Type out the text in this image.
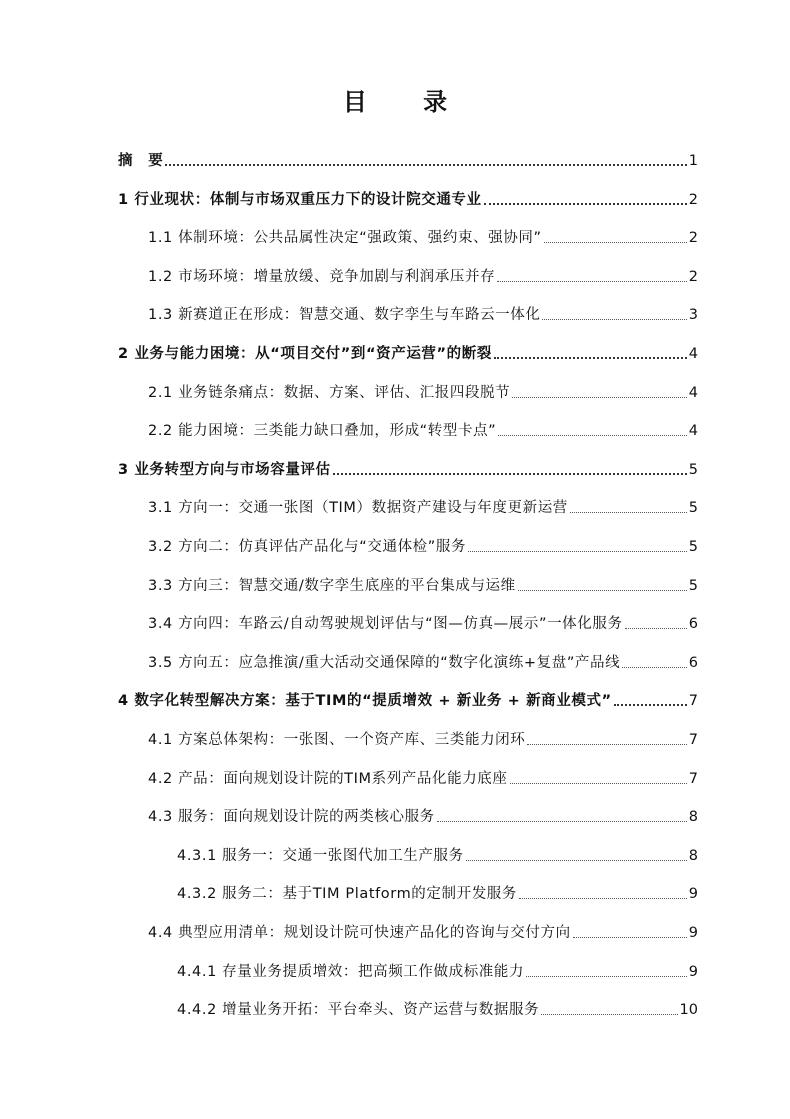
目 录
摘　要	1
1 行业现状：体制与市场双重压力下的设计院交通专业	2
1.1 体制环境：公共品属性决定“强政策、强约束、强协同”	2
1.2 市场环境：增量放缓、竞争加剧与利润承压并存	2
1.3 新赛道正在形成：智慧交通、数字孪生与车路云一体化	3
2 业务与能力困境：从“项目交付”到“资产运营”的断裂	4
2.1 业务链条痛点：数据、方案、评估、汇报四段脱节	4
2.2 能力困境：三类能力缺口叠加，形成“转型卡点”	4
3 业务转型方向与市场容量评估	5
3.1 方向一：交通一张图（TIM）数据资产建设与年度更新运营	5
3.2 方向二：仿真评估产品化与“交通体检”服务	5
3.3 方向三：智慧交通/数字孪生底座的平台集成与运维	5
3.4 方向四：车路云/自动驾驶规划评估与“图—仿真—展示”一体化服务	6
3.5 方向五：应急推演/重大活动交通保障的“数字化演练+复盘”产品线	6
4 数字化转型解决方案：基于TIM的“提质增效 + 新业务 + 新商业模式”	7
4.1 方案总体架构：一张图、一个资产库、三类能力闭环	7
4.2 产品：面向规划设计院的TIM系列产品化能力底座	7
4.3 服务：面向规划设计院的两类核心服务	8
4.3.1 服务一：交通一张图代加工生产服务	8
4.3.2 服务二：基于TIM Platform的定制开发服务	9
4.4 典型应用清单：规划设计院可快速产品化的咨询与交付方向	9
4.4.1 存量业务提质增效：把高频工作做成标准能力	9
4.4.2 增量业务开拓：平台牵头、资产运营与数据服务	10
